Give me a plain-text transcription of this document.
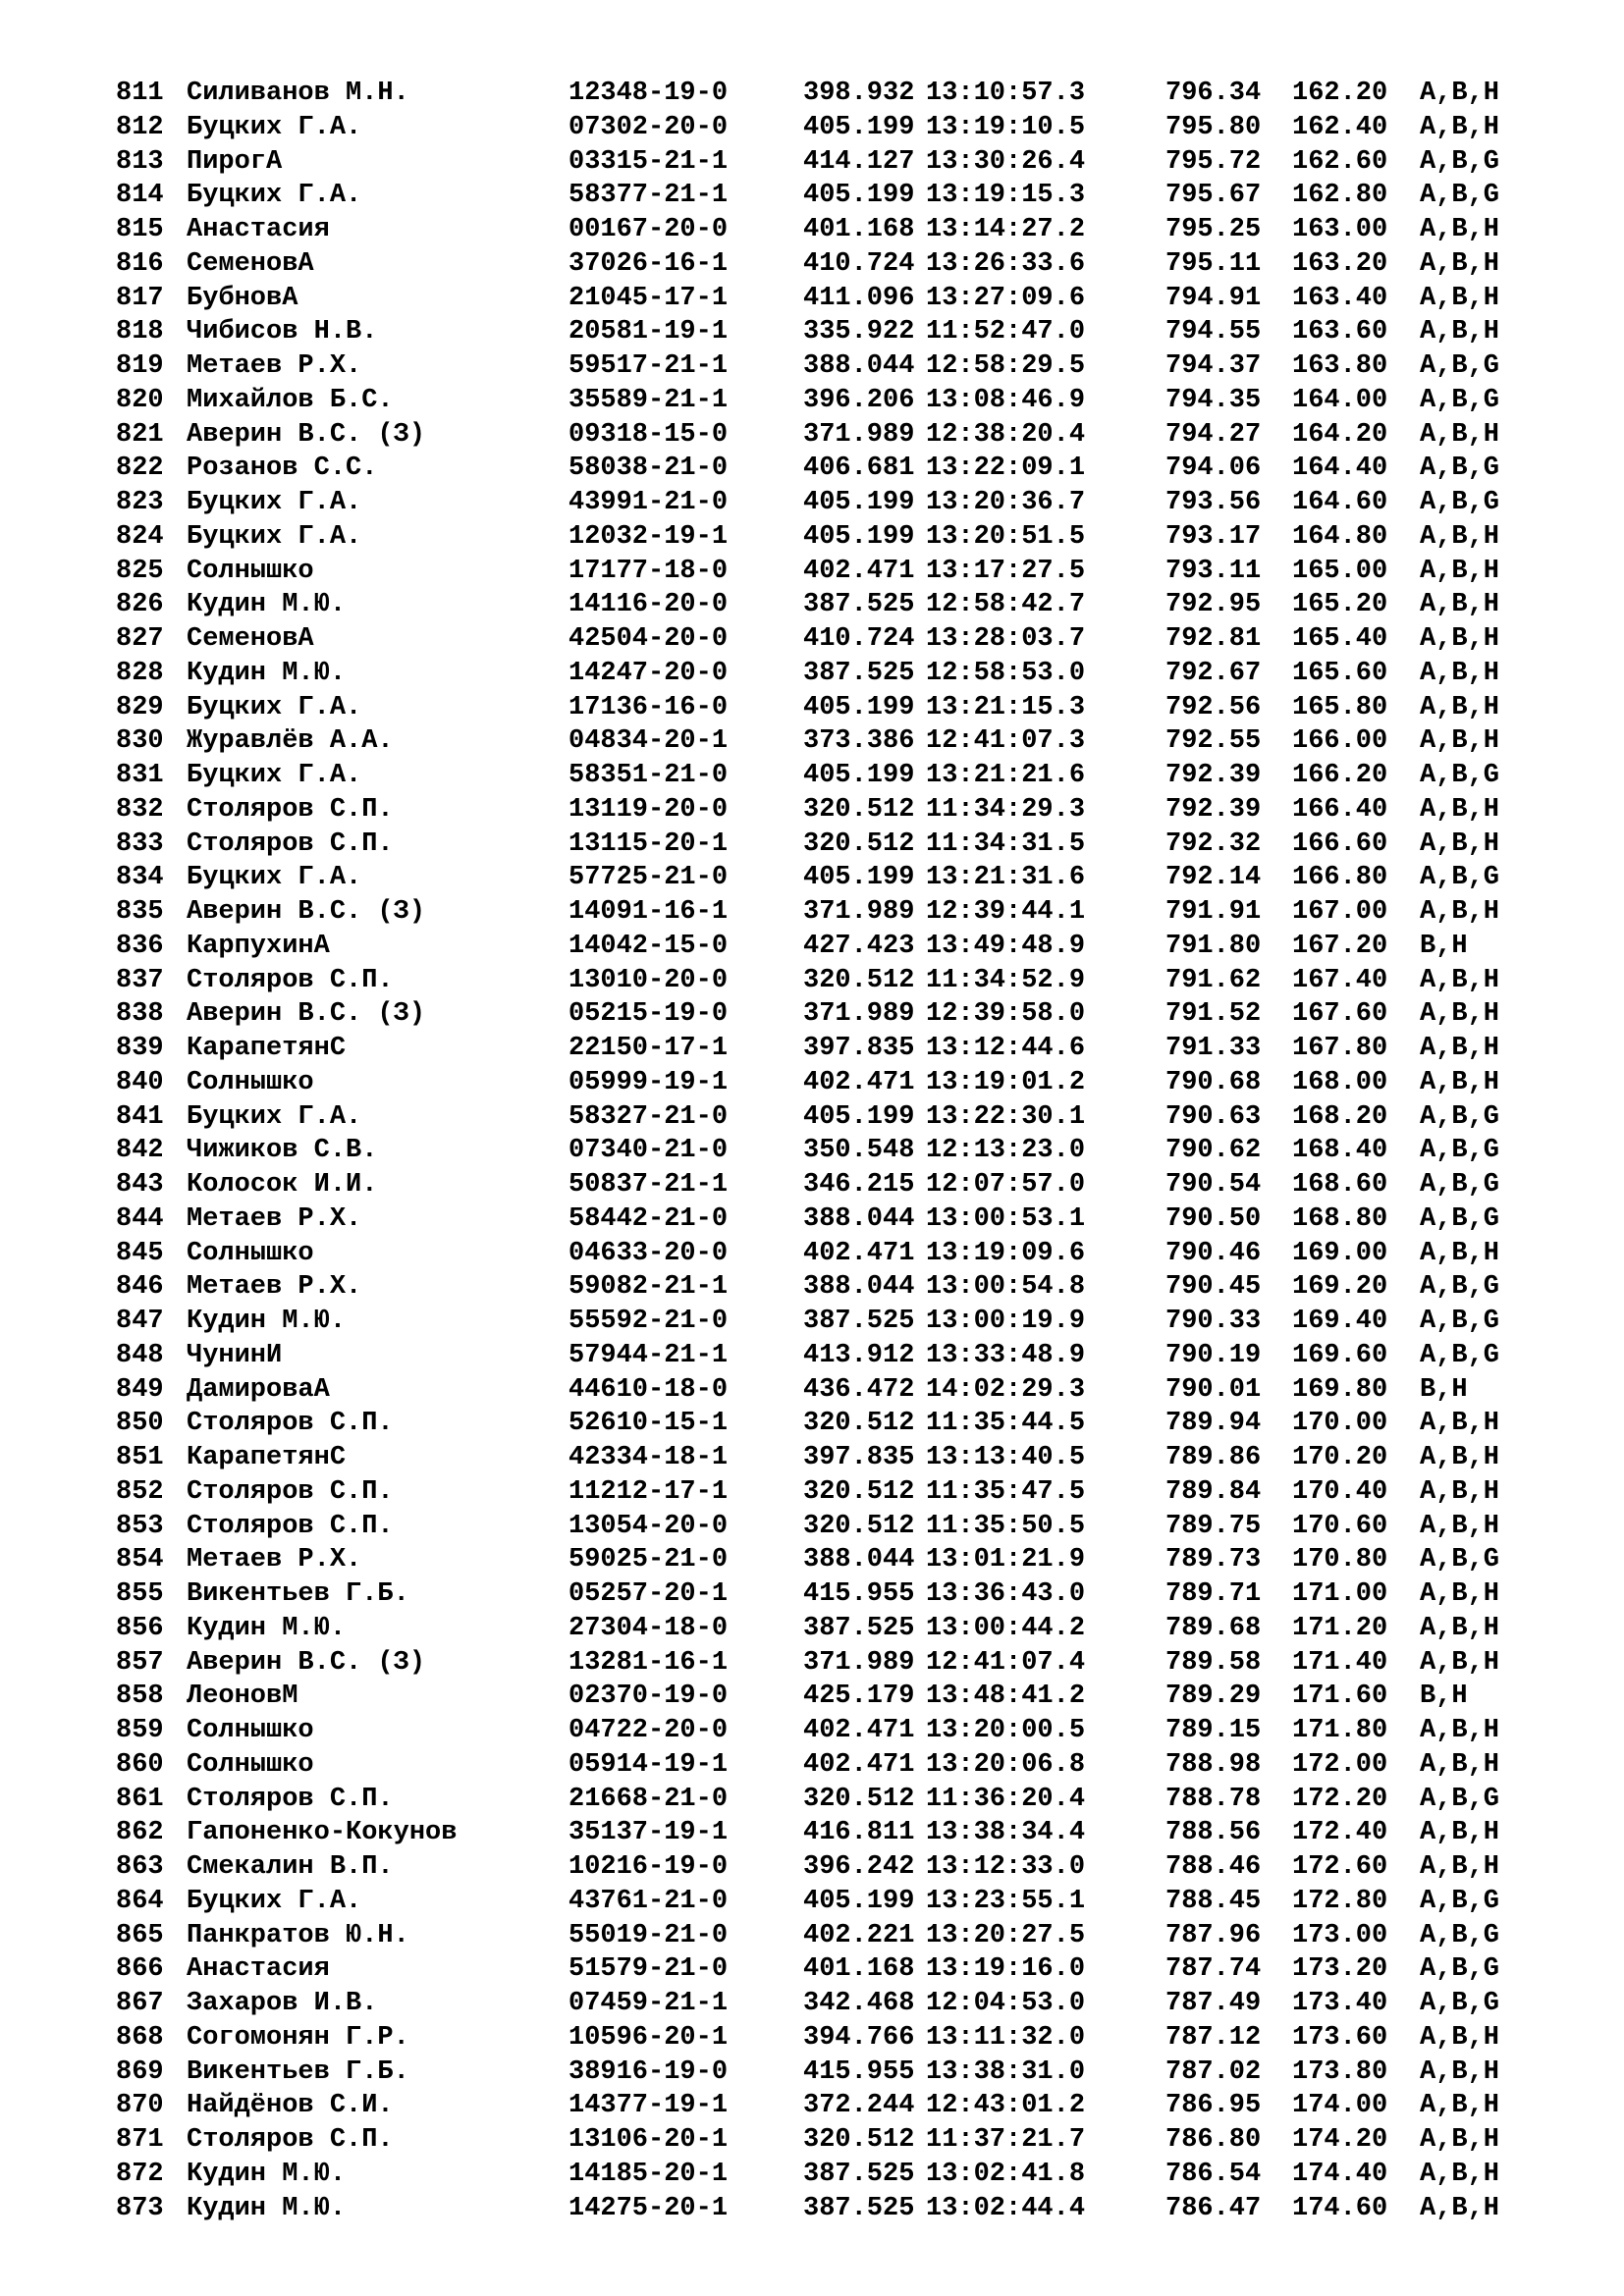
811 Силиванов М.Н.	12348-19-0	398.932 13:10:57.3	796.34 162.20 A,B,H
812 Буцких Г.А.	07302-20-0	405.199 13:19:10.5	795.80 162.40 A,B,H
813 ПирогА	03315-21-1	414.127 13:30:26.4	795.72 162.60 A,B,G
814 Буцких Г.А.	58377-21-1	405.199 13:19:15.3	795.67 162.80 A,B,G
815 Анастасия	00167-20-0	401.168 13:14:27.2	795.25 163.00 A,B,H
816 СеменовА	37026-16-1	410.724 13:26:33.6	795.11 163.20 A,B,H
817 БубновА	21045-17-1	411.096 13:27:09.6	794.91 163.40 A,B,H
818 Чибисов Н.В.	20581-19-1	335.922 11:52:47.0	794.55 163.60 A,B,H
819 Метаев Р.Х.	59517-21-1	388.044 12:58:29.5	794.37 163.80 A,B,G
820 Михайлов Б.С.	35589-21-1	396.206 13:08:46.9	794.35 164.00 A,B,G
821 Аверин В.С. (З)	09318-15-0	371.989 12:38:20.4	794.27 164.20 A,B,H
822 Розанов С.С.	58038-21-0	406.681 13:22:09.1	794.06 164.40 A,B,G
823 Буцких Г.А.	43991-21-0	405.199 13:20:36.7	793.56 164.60 A,B,G
824 Буцких Г.А.	12032-19-1	405.199 13:20:51.5	793.17 164.80 A,B,H
825 Солнышко	17177-18-0	402.471 13:17:27.5	793.11 165.00 A,B,H
826 Кудин М.Ю.	14116-20-0	387.525 12:58:42.7	792.95 165.20 A,B,H
827 СеменовА	42504-20-0	410.724 13:28:03.7	792.81 165.40 A,B,H
828 Кудин М.Ю.	14247-20-0	387.525 12:58:53.0	792.67 165.60 A,B,H
829 Буцких Г.А.	17136-16-0	405.199 13:21:15.3	792.56 165.80 A,B,H
830 Журавлёв А.А.	04834-20-1	373.386 12:41:07.3	792.55 166.00 A,B,H
831 Буцких Г.А.	58351-21-0	405.199 13:21:21.6	792.39 166.20 A,B,G
832 Столяров С.П.	13119-20-0	320.512 11:34:29.3	792.39 166.40 A,B,H
833 Столяров С.П.	13115-20-1	320.512 11:34:31.5	792.32 166.60 A,B,H
834 Буцких Г.А.	57725-21-0	405.199 13:21:31.6	792.14 166.80 A,B,G
835 Аверин В.С. (З)	14091-16-1	371.989 12:39:44.1	791.91 167.00 A,B,H
836 КарпухинА	14042-15-0	427.423 13:49:48.9	791.80 167.20 B,H
837 Столяров С.П.	13010-20-0	320.512 11:34:52.9	791.62 167.40 A,B,H
838 Аверин В.С. (З)	05215-19-0	371.989 12:39:58.0	791.52 167.60 A,B,H
839 КарапетянС	22150-17-1	397.835 13:12:44.6	791.33 167.80 A,B,H
840 Солнышко	05999-19-1	402.471 13:19:01.2	790.68 168.00 A,B,H
841 Буцких Г.А.	58327-21-0	405.199 13:22:30.1	790.63 168.20 A,B,G
842 Чижиков С.В.	07340-21-0	350.548 12:13:23.0	790.62 168.40 A,B,G
843 Колосок И.И.	50837-21-1	346.215 12:07:57.0	790.54 168.60 A,B,G
844 Метаев Р.Х.	58442-21-0	388.044 13:00:53.1	790.50 168.80 A,B,G
845 Солнышко	04633-20-0	402.471 13:19:09.6	790.46 169.00 A,B,H
846 Метаев Р.Х.	59082-21-1	388.044 13:00:54.8	790.45 169.20 A,B,G
847 Кудин М.Ю.	55592-21-0	387.525 13:00:19.9	790.33 169.40 A,B,G
848 ЧунинИ	57944-21-1	413.912 13:33:48.9	790.19 169.60 A,B,G
849 ДамироваА	44610-18-0	436.472 14:02:29.3	790.01 169.80 B,H
850 Столяров С.П.	52610-15-1	320.512 11:35:44.5	789.94 170.00 A,B,H
851 КарапетянС	42334-18-1	397.835 13:13:40.5	789.86 170.20 A,B,H
852 Столяров С.П.	11212-17-1	320.512 11:35:47.5	789.84 170.40 A,B,H
853 Столяров С.П.	13054-20-0	320.512 11:35:50.5	789.75 170.60 A,B,H
854 Метаев Р.Х.	59025-21-0	388.044 13:01:21.9	789.73 170.80 A,B,G
855 Викентьев Г.Б.	05257-20-1	415.955 13:36:43.0	789.71 171.00 A,B,H
856 Кудин М.Ю.	27304-18-0	387.525 13:00:44.2	789.68 171.20 A,B,H
857 Аверин В.С. (З)	13281-16-1	371.989 12:41:07.4	789.58 171.40 A,B,H
858 ЛеоновМ	02370-19-0	425.179 13:48:41.2	789.29 171.60 B,H
859 Солнышко	04722-20-0	402.471 13:20:00.5	789.15 171.80 A,B,H
860 Солнышко	05914-19-1	402.471 13:20:06.8	788.98 172.00 A,B,H
861 Столяров С.П.	21668-21-0	320.512 11:36:20.4	788.78 172.20 A,B,G
862 Гапоненко-Кокунов	35137-19-1	416.811 13:38:34.4	788.56 172.40 A,B,H
863 Смекалин В.П.	10216-19-0	396.242 13:12:33.0	788.46 172.60 A,B,H
864 Буцких Г.А.	43761-21-0	405.199 13:23:55.1	788.45 172.80 A,B,G
865 Панкратов Ю.Н.	55019-21-0	402.221 13:20:27.5	787.96 173.00 A,B,G
866 Анастасия	51579-21-0	401.168 13:19:16.0	787.74 173.20 A,B,G
867 Захаров И.В.	07459-21-1	342.468 12:04:53.0	787.49 173.40 A,B,G
868 Согомонян Г.Р.	10596-20-1	394.766 13:11:32.0	787.12 173.60 A,B,H
869 Викентьев Г.Б.	38916-19-0	415.955 13:38:31.0	787.02 173.80 A,B,H
870 Найдёнов С.И.	14377-19-1	372.244 12:43:01.2	786.95 174.00 A,B,H
871 Столяров С.П.	13106-20-1	320.512 11:37:21.7	786.80 174.20 A,B,H
872 Кудин М.Ю.	14185-20-1	387.525 13:02:41.8	786.54 174.40 A,B,H
873 Кудин М.Ю.	14275-20-1	387.525 13:02:44.4	786.47 174.60 A,B,H
